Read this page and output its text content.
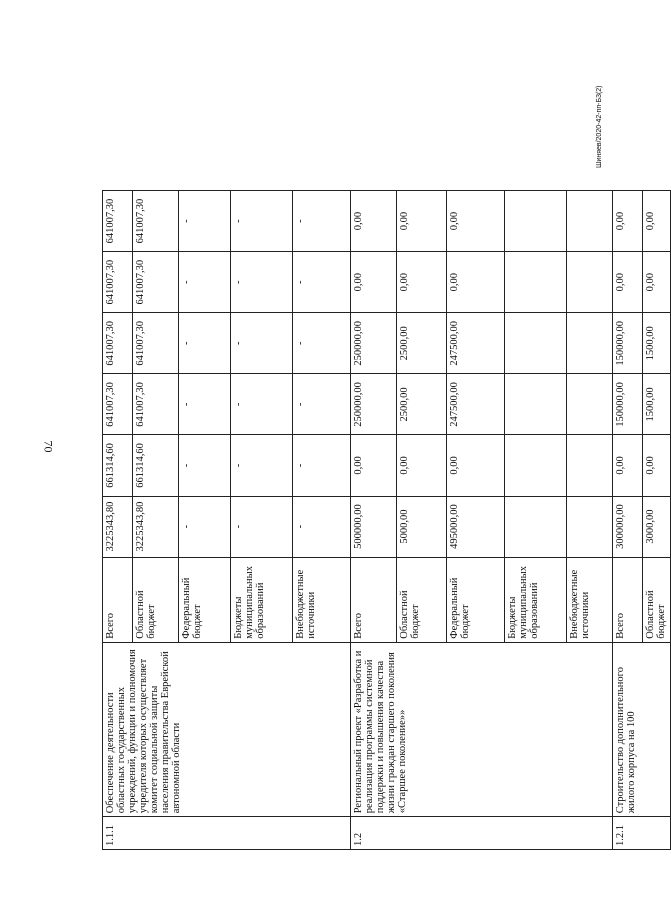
70
Шиняев/2020-42-пп-Б3(2)
1.1.1	Обеспечение деятельности областных государственных учреждений, функции и полномочия учредителя которых осуществляет комитет социальной защиты населения правительства Еврейской автономной области	Всего	3225343,80	661314,60	641007,30	641007,30	641007,30	641007,30
		Областной бюджет	3225343,80	661314,60	641007,30	641007,30	641007,30	641007,30
		Федеральный бюджет	-	-	-	-	-	-
		Бюджеты муниципальных образований	-	-	-	-	-	-
		Внебюджетные источники	-	-	-	-	-	-
1.2	Региональный проект «Разработка и реализация программы системной поддержки и повышения качества жизни граждан старшего поколения «Старшее поколение»»	Всего	500000,00	0,00	250000,00	250000,00	0,00	0,00
		Областной бюджет	5000,00	0,00	2500,00	2500,00	0,00	0,00
		Федеральный бюджет	495000,00	0,00	247500,00	247500,00	0,00	0,00
		Бюджеты муниципальных образований						
		Внебюджетные источники						
1.2.1	Строительство дополнительного жилого корпуса на 100	Всего	300000,00	0,00	150000,00	150000,00	0,00	0,00
		Областной бюджет	3000,00	0,00	1500,00	1500,00	0,00	0,00
